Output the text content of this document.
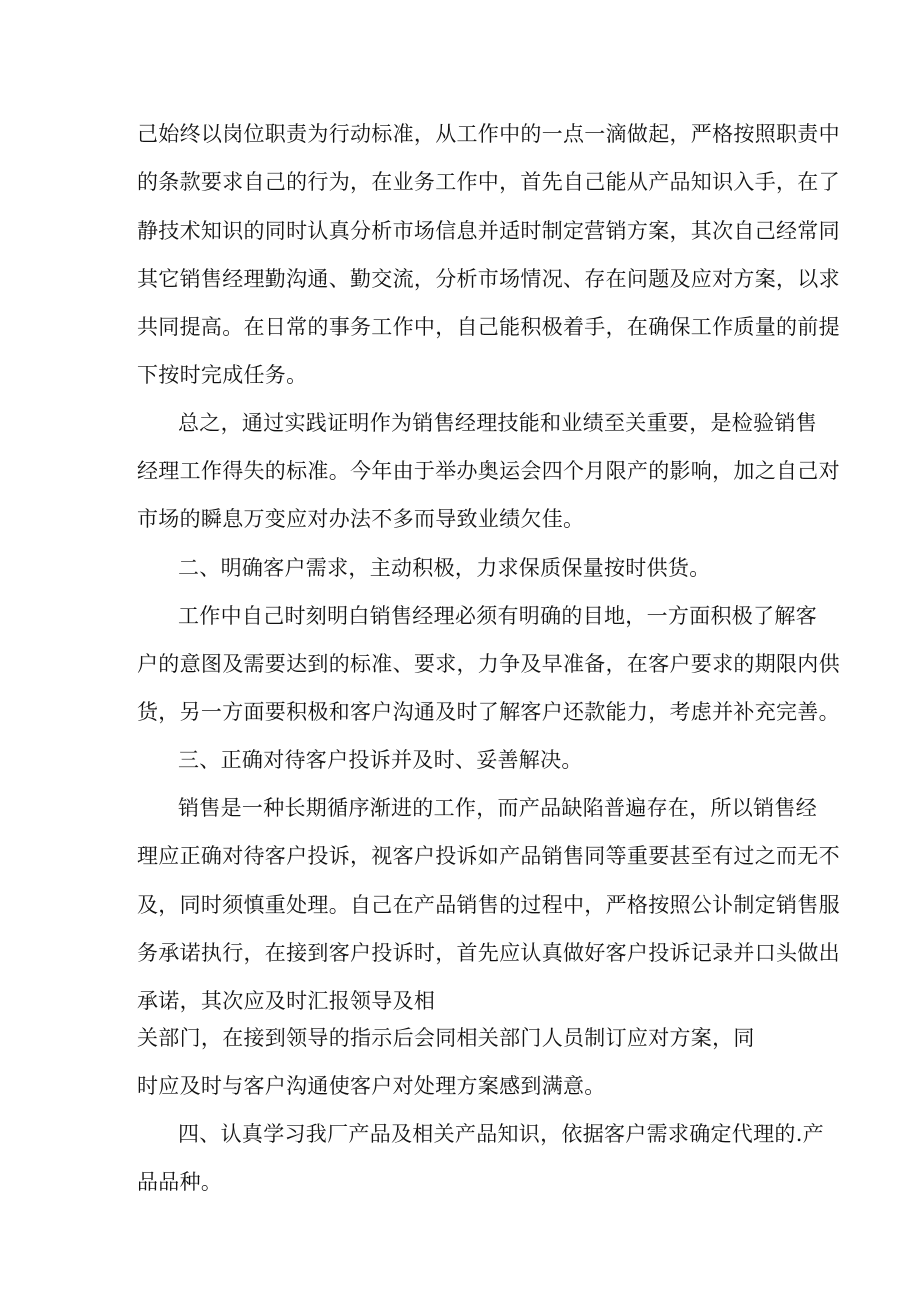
己始终以岗位职责为行动标准，从工作中的一点一滴做起，严格按照职责中
的条款要求自己的行为，在业务工作中，首先自己能从产品知识入手，在了
静技术知识的同时认真分析市场信息并适时制定营销方案，其次自己经常同
其它销售经理勤沟通、勤交流，分析市场情况、存在问题及应对方案，以求
共同提高。在日常的事务工作中，自己能积极着手，在确保工作质量的前提
下按时完成任务。
总之，通过实践证明作为销售经理技能和业绩至关重要，是检验销售
经理工作得失的标准。今年由于举办奥运会四个月限产的影响，加之自己对
市场的瞬息万变应对办法不多而导致业绩欠佳。
二、明确客户需求，主动积极，力求保质保量按时供货。
工作中自己时刻明白销售经理必须有明确的目地，一方面积极了解客
户的意图及需要达到的标准、要求，力争及早准备，在客户要求的期限内供
货，另一方面要积极和客户沟通及时了解客户还款能力，考虑并补充完善。
三、正确对待客户投诉并及时、妥善解决。
销售是一种长期循序渐进的工作，而产品缺陷普遍存在，所以销售经
理应正确对待客户投诉，视客户投诉如产品销售同等重要甚至有过之而无不
及，同时须慎重处理。自己在产品销售的过程中，严格按照公讣制定销售服
务承诺执行，在接到客户投诉时，首先应认真做好客户投诉记录并口头做出
承诺，其次应及时汇报领导及相
关部门，在接到领导的指示后会同相关部门人员制订应对方案，同
时应及时与客户沟通使客户对处理方案感到满意。
四、认真学习我厂产品及相关产品知识，依据客户需求确定代理的.产
品品种。
